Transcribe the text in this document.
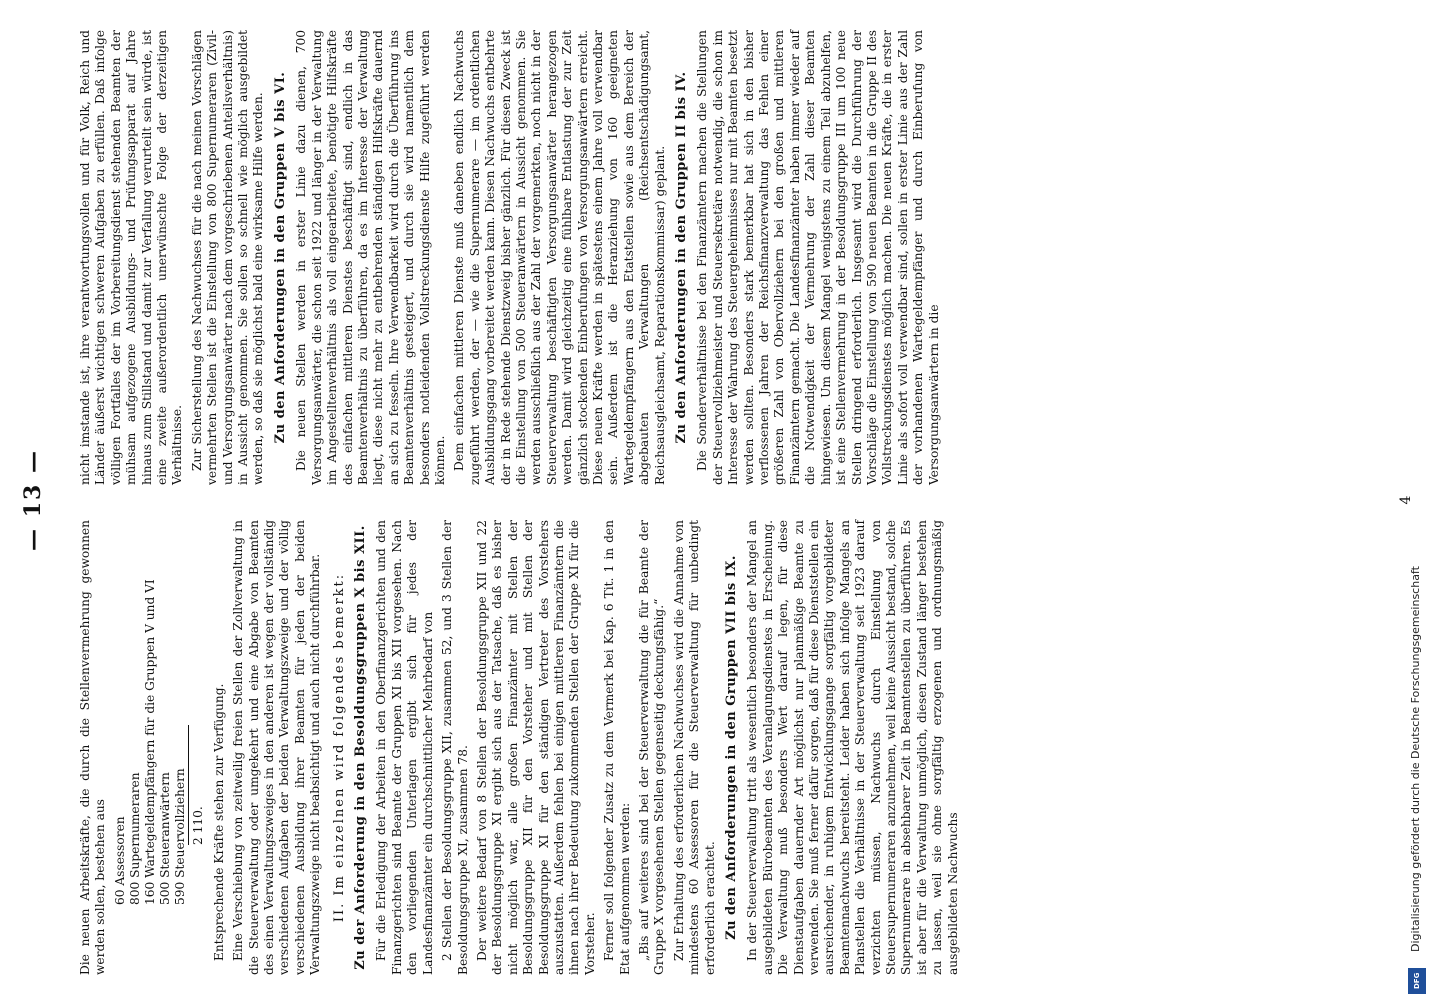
— 13 —

Die neuen Arbeitskräfte, die durch die Stellenvermehrung gewonnen werden sollen, bestehen aus 60 Assessoren 800 Supernumeraren 160 Wartegeldempfängern für die Gruppen V und VI 500 Steueranwärtern 590 Steuervollziehern 2 110. Entsprechende Kräfte stehen zur Verfügung. Eine Verschiebung von zeitweilig freien Stellen der Zollverwaltung in die Steuerverwaltung oder umgekehrt und eine Abgabe von Beamten des einen Verwaltungszweiges in den anderen ist wegen der vollständig verschiedenen Aufgaben der beiden Verwaltungszweige und der völlig verschiedenen Ausbildung ihrer Beamten für jeden der beiden Verwaltungszweige nicht beabsichtigt und auch nicht durchführbar. II. Im einzelnen wird folgendes bemerkt: Zu der Anforderung in den Besoldungsgruppen X bis XII. Für die Erledigung der Arbeiten in den Oberfinanzgerichten und den Finanzgerichten sind Beamte der Gruppen XI bis XII vorgesehen. Nach den vorliegenden Unterlagen ergibt sich für jedes der Landesfinanzämter ein durchschnittlicher Mehrbedarf von 2 Stellen der Besoldungsgruppe XII, zusammen 52, und 3 Stellen der Besoldungsgruppe XI, zusammen 78. Der weitere Bedarf von 8 Stellen der Besoldungsgruppe XII und 22 der Besoldungsgruppe XI ergibt sich aus der Tatsache, daß es bisher nicht möglich war, alle großen Finanzämter mit Stellen der Besoldungsgruppe XII für den Vorsteher und mit Stellen der Besoldungsgruppe XI für den ständigen Vertreter des Vorstehers auszustatten. Außerdem fehlen bei einigen mittleren Finanzämtern die ihnen nach ihrer Bedeutung zukommenden Stellen der Gruppe XI für die Vorsteher. Ferner soll folgender Zusatz zu dem Vermerk bei Kap. 6 Tit. 1 in den Etat aufgenommen werden: „Bis auf weiteres sind bei der Steuerverwaltung die für Beamte der Gruppe X vorgesehenen Stellen gegenseitig deckungsfähig.“ Zur Erhaltung des erforderlichen Nachwuchses wird die Annahme von mindestens 60 Assessoren für die Steuerverwaltung für unbedingt erforderlich erachtet. Zu den Anforderungen in den Gruppen VII bis IX. In der Steuerverwaltung tritt als wesentlich besonders der Mangel an ausgebildeten Bürobeamten des Veranlagungsdienstes in Erscheinung. Die Verwaltung muß besonders Wert darauf legen, für diese Dienstaufgaben dauernder Art möglichst nur planmäßige Beamte zu verwenden. Sie muß ferner dafür sorgen, daß für diese Dienststellen ein ausreichender, in ruhigem Entwicklungsgange sorgfältig vorgebildeter Beamtennachwuchs bereitsteht. Leider haben sich infolge Mangels an Planstellen die Verhältnisse in der Steuerverwaltung seit 1923 darauf verzichten müssen, Nachwuchs durch Einstellung von Steuersupernumeraren anzunehmen, weil keine Aussicht bestand, solche Supernumerare in absehbarer Zeit in Beamtenstellen zu überführen. Es ist aber für die Verwaltung unmöglich, diesen Zustand länger bestehen zu lassen, weil sie ohne sorgfältig erzogenen und ordnungsmäßig ausgebildeten Nachwuchs

nicht imstande ist, ihre verantwortungsvollen und für Volk, Reich und Länder äußerst wichtigen schweren Aufgaben zu erfüllen. Daß infolge völligen Fortfalles der im Vorbereitungsdienst stehenden Beamten der mühsam aufgezogene Ausbildungs- und Prüfungsapparat auf Jahre hinaus zum Stillstand und damit zur Verfallung verurteilt sein würde, ist eine zweite außerordentlich unerwünschte Folge der derzeitigen Verhältnisse. Zur Sicherstellung des Nachwuchses für die nach meinen Vorschlägen vermehrten Stellen ist die Einstellung von 800 Supernumeraren (Zivil- und Versorgungsanwärter nach dem vorgeschriebenen Anteilsverhältnis) in Aussicht genommen. Sie sollen so schnell wie möglich ausgebildet werden, so daß sie möglichst bald eine wirksame Hilfe werden. Zu den Anforderungen in den Gruppen V bis VI. Die neuen Stellen werden in erster Linie dazu dienen, 700 Versorgungsanwärter, die schon seit 1922 und länger in der Verwaltung im Angestelltenverhältnis als voll eingearbeitete, benötigte Hilfskräfte des einfachen mittleren Dienstes beschäftigt sind, endlich in das Beamtenverhältnis zu überführen, da es im Interesse der Verwaltung liegt, diese nicht mehr zu entbehrenden ständigen Hilfskräfte dauernd an sich zu fesseln. Ihre Verwendbarkeit wird durch die Überführung ins Beamtenverhältnis gesteigert, und durch sie wird namentlich dem besonders notleidenden Vollstreckungsdienste Hilfe zugeführt werden können. Dem einfachen mittleren Dienste muß daneben endlich Nachwuchs zugeführt werden, der — wie die Supernumerare — im ordentlichen Ausbildungsgang vorbereitet werden kann. Diesen Nachwuchs entbehrte der in Rede stehende Dienstzweig bisher gänzlich. Für diesen Zweck ist die Einstellung von 500 Steueranwärtern in Aussicht genommen. Sie werden ausschließlich aus der Zahl der vorgemerkten, noch nicht in der Steuerverwaltung beschäftigten Versorgungsanwärter herangezogen werden. Damit wird gleichzeitig eine fühlbare Entlastung der zur Zeit gänzlich stockenden Einberufungen von Versorgungsanwärtern erreicht. Diese neuen Kräfte werden in spätestens einem Jahre voll verwendbar sein. Außerdem ist die Heranziehung von 160 geeigneten Wartegeldempfängern aus den Etatstellen sowie aus dem Bereich der abgebauten Verwaltungen (Reichsentschädigungsamt, Reichsausgleichsamt, Reparationskommissar) geplant. Zu den Anforderungen in den Gruppen II bis IV. Die Sonderverhältnisse bei den Finanzämtern machen die Stellungen der Steuervollziehmeister und Steuersekretäre notwendig, die schon im Interesse der Wahrung des Steuergeheimnisses nur mit Beamten besetzt werden sollten. Besonders stark bemerkbar hat sich in den bisher verflossenen Jahren der Reichsfinanzverwaltung das Fehlen einer größeren Zahl von Obervollziehern bei den großen und mittleren Finanzämtern gemacht. Die Landesfinanzämter haben immer wieder auf die Notwendigkeit der Vermehrung der Zahl dieser Beamten hingewiesen. Um diesem Mangel wenigstens zu einem Teil abzuhelfen, ist eine Stellenvermehrung in der Besoldungsgruppe III um 100 neue Stellen dringend erforderlich. Insgesamt wird die Durchführung der Vorschläge die Einstellung von 590 neuen Beamten in die Gruppe II des Vollstreckungsdienstes möglich machen. Die neuen Kräfte, die in erster Linie als sofort voll verwendbar sind, sollen in erster Linie aus der Zahl der vorhandenen Wartegeldempfänger und durch Einberufung von Versorgungsanwärtern in die

4
Digitalisierung gefördert durch die Deutsche Forschungsgemeinschaft
DFG
